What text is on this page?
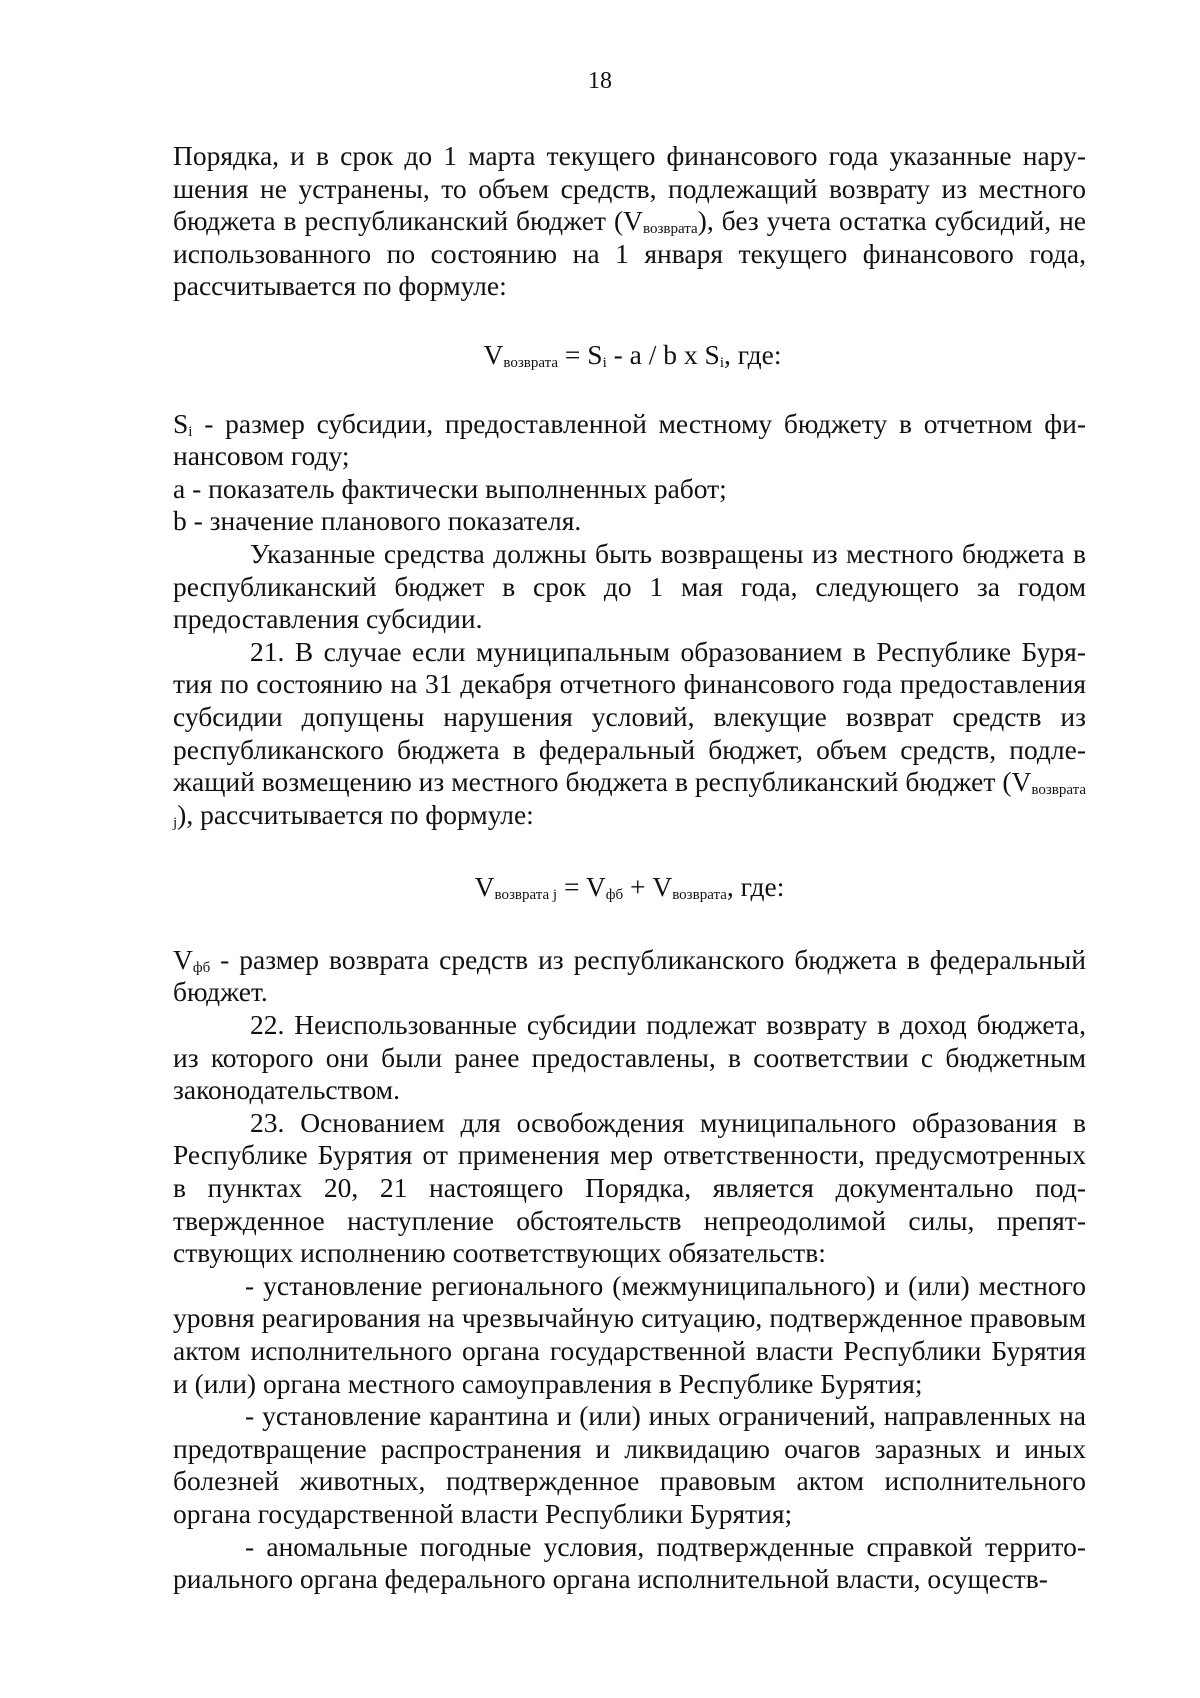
18

Порядка, и в срок до 1 марта текущего финансового года указанные нарушения не устранены, то объем средств, подлежащий возврату из местного бюджета в республиканский бюджет $(V_{возврата})$, без учета остатка субсидий, не использованного по состоянию на 1 января текущего финансового года, рассчитывается по формуле:

$V_{возврата} = S_i - a / b$ x $S_i$, где:

$S_i$ - размер субсидии, предоставленной местному бюджету в отчетном финансовом году;

a - показатель фактически выполненных работ;

b - значение планового показателя.

Указанные средства должны быть возвращены из местного бюджета в республиканский бюджет в срок до 1 мая года, следующего за годом предоставления субсидии.

21. В случае если муниципальным образованием в Республике Бурятия по состоянию на 31 декабря отчетного финансового года предоставления субсидии допущены нарушения условий, влекущие возврат средств из республиканского бюджета в федеральный бюджет, объем средств, подлежащий возмещению из местного бюджета в республиканский бюджет $(V_{возврата j})$, рассчитывается по формуле:

$V_{возврата j} = V_{фб} + V_{возврата}$, где:

$V_{фб}$ - размер возврата средств из республиканского бюджета в федеральный бюджет.

22. Неиспользованные субсидии подлежат возврату в доход бюджета, из которого они были ранее предоставлены, в соответствии с бюджетным законодательством.

23. Основанием для освобождения муниципального образования в Республике Бурятия от применения мер ответственности, предусмотренных в пунктах 20, 21 настоящего Порядка, является документально подтвержденное наступление обстоятельств непреодолимой силы, препятствующих исполнению соответствующих обязательств:

- установление регионального (межмуниципального) и (или) местного уровня реагирования на чрезвычайную ситуацию, подтвержденное правовым актом исполнительного органа государственной власти Республики Бурятия и (или) органа местного самоуправления в Республике Бурятия;

- установление карантина и (или) иных ограничений, направленных на предотвращение распространения и ликвидацию очагов заразных и иных болезней животных, подтвержденное правовым актом исполнительного органа государственной власти Республики Бурятия;

- аномальные погодные условия, подтвержденные справкой территориального органа федерального органа исполнительной власти, осуществ-
